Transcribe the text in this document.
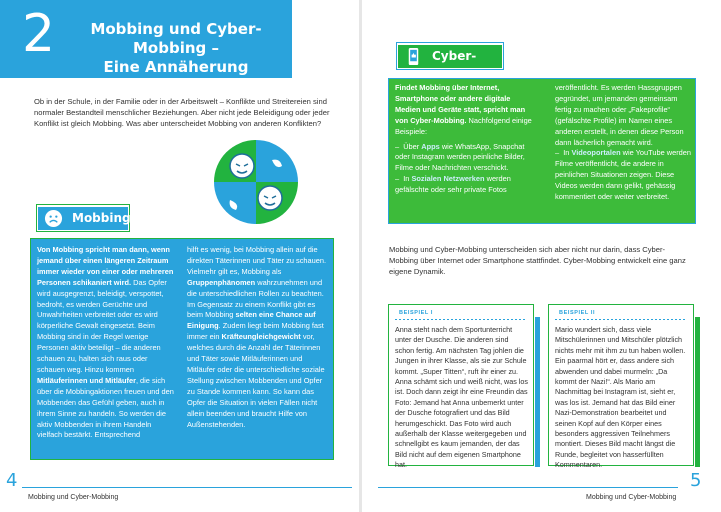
2	Mobbing und Cyber-Mobbing –
Eine Annäherung

Ob in der Schule, in der Familie oder in der Arbeitswelt – Konflikte und Streitereien sind normaler Bestandteil menschlicher Beziehungen. Aber nicht jede Beleidigung oder jeder Konflikt ist gleich Mobbing. Was aber unterscheidet Mobbing von anderen Konflikten?

Mobbing
Von Mobbing spricht man dann, wenn jemand über einen längeren Zeitraum immer wieder von einer oder mehreren Personen schikaniert wird. Das Opfer wird ausgegrenzt, beleidigt, verspottet, bedroht, es werden Gerüchte und Unwahrheiten verbreitet oder es wird körperliche Gewalt eingesetzt. Beim Mobbing sind in der Regel wenige Personen aktiv beteiligt – die anderen schauen zu, halten sich raus oder schauen weg. Hinzu kommen Mitläuferinnen und Mitläufer, die sich über die Mobbingaktionen freuen und den Mobbenden das Gefühl geben, auch in ihrem Sinne zu handeln. So werden die aktiv Mobbenden in ihrem Handeln vielfach bestärkt. Entsprechend
hilft es wenig, bei Mobbing allein auf die direkten Täterinnen und Täter zu schauen. Vielmehr gilt es, Mobbing als Gruppenphänomen wahrzunehmen und die unterschiedlichen Rollen zu beachten. Im Gegensatz zu einem Konflikt gibt es beim Mobbing selten eine Chance auf Einigung. Zudem liegt beim Mobbing fast immer ein Kräfteungleichgewicht vor, welches durch die Anzahl der Täterinnen und Täter sowie Mitläuferinnen und Mitläufer oder die unterschiedliche soziale Stellung zwischen Mobbenden und Opfer zu Stande kommen kann. So kann das Opfer die Situation in vielen Fällen nicht allein beenden und braucht Hilfe von Außenstehenden.
Cyber-
Findet Mobbing über Internet, Smartphone oder andere digitale Medien und Geräte statt, spricht man von Cyber-Mobbing. Nachfolgend einige Beispiele:
–  Über Apps wie WhatsApp, Snapchat oder Instagram werden peinliche Bilder, Filme oder Nachrichten verschickt.
–  In Sozialen Netzwerken werden gefälschte oder sehr private Fotos
veröffentlicht. Es werden Hassgruppen gegründet, um jemanden gemeinsam fertig zu machen oder „Fakeprofile“ (gefälschte Profile) im Namen eines anderen erstellt, in denen diese Person dann lächerlich gemacht wird.
–  In Videoportalen wie YouTube werden Filme veröffentlicht, die andere in peinlichen Situationen zeigen. Diese Videos werden dann gelikt, gehässig kommentiert oder weiter verbreitet.

Mobbing und Cyber-Mobbing unterscheiden sich aber nicht nur darin, dass Cyber-Mobbing über Internet oder Smartphone stattfindet. Cyber-Mobbing entwickelt eine ganz eigene Dynamik.

BEISPIEL I

Anna steht nach dem Sportunterricht unter der Dusche. Die anderen sind schon fertig. Am nächsten Tag johlen die Jungen in ihrer Klasse, als sie zur Schule kommt. „Super Titten“, ruft ihr einer zu. Anna schämt sich und weiß nicht, was los ist. Doch dann zeigt ihr eine Freundin das Foto: Jemand hat Anna unbemerkt unter der Dusche fotografiert und das Bild herumgeschickt. Das Foto wird auch außerhalb der Klasse weitergegeben und schnellgibt es kaum jemanden, der das Bild nicht auf dem eigenen Smartphone hat.

BEISPIEL II

Mario wundert sich, dass viele Mitschülerinnen und Mitschüler plötzlich nichts mehr mit ihm zu tun haben wollen. Ein paarmal hört er, dass andere sich abwenden und dabei murmeln: „Da kommt der Nazi!“. Als Mario am Nachmittag bei Instagram ist, sieht er, was los ist. Jemand hat das Bild einer Nazi-Demonstration bearbeitet und seinen Kopf auf den Körper eines besonders aggressiven Teilnehmers montiert. Dieses Bild macht längst die Runde, begleitet von hasserfüllten Kommentaren.

4
Mobbing und Cyber-Mobbing
5
Mobbing und Cyber-Mobbing
